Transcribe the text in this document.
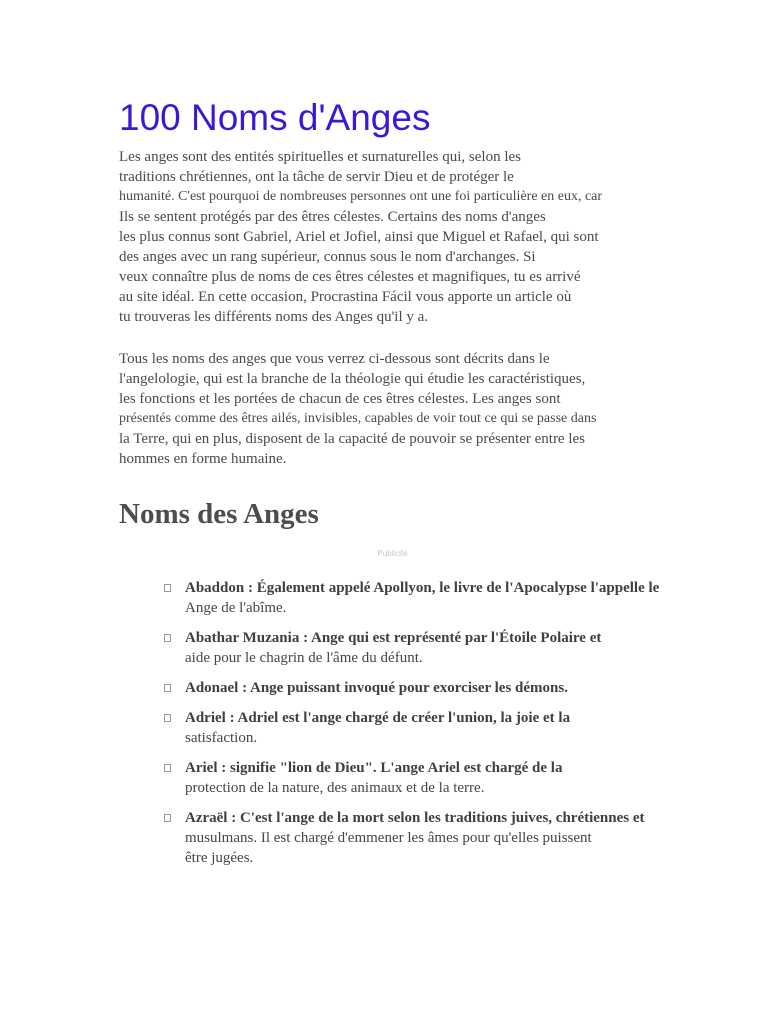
100 Noms d'Anges

Les anges sont des entités spirituelles et surnaturelles qui, selon les
traditions chrétiennes, ont la tâche de servir Dieu et de protéger le
humanité. C'est pourquoi de nombreuses personnes ont une foi particulière en eux, car
Ils se sentent protégés par des êtres célestes. Certains des noms d'anges
les plus connus sont Gabriel, Ariel et Jofiel, ainsi que Miguel et Rafael, qui sont
des anges avec un rang supérieur, connus sous le nom d'archanges. Si
veux connaître plus de noms de ces êtres célestes et magnifiques, tu es arrivé
au site idéal. En cette occasion, Procrastina Fácil vous apporte un article où
tu trouveras les différents noms des Anges qu'il y a.

Tous les noms des anges que vous verrez ci-dessous sont décrits dans le
l'angelologie, qui est la branche de la théologie qui étudie les caractéristiques,
les fonctions et les portées de chacun de ces êtres célestes. Les anges sont
présentés comme des êtres ailés, invisibles, capables de voir tout ce qui se passe dans
la Terre, qui en plus, disposent de la capacité de pouvoir se présenter entre les
hommes en forme humaine.

Noms des Anges
Publicité
Abaddon : Également appelé Apollyon, le livre de l'Apocalypse l'appelle le
Ange de l'abîme.
Abathar Muzania : Ange qui est représenté par l'Étoile Polaire et
aide pour le chagrin de l'âme du défunt.
Adonael : Ange puissant invoqué pour exorciser les démons.
Adriel : Adriel est l'ange chargé de créer l'union, la joie et la
satisfaction.
Ariel : signifie "lion de Dieu". L'ange Ariel est chargé de la
protection de la nature, des animaux et de la terre.
Azraël : C'est l'ange de la mort selon les traditions juives, chrétiennes et
musulmans. Il est chargé d'emmener les âmes pour qu'elles puissent
être jugées.
